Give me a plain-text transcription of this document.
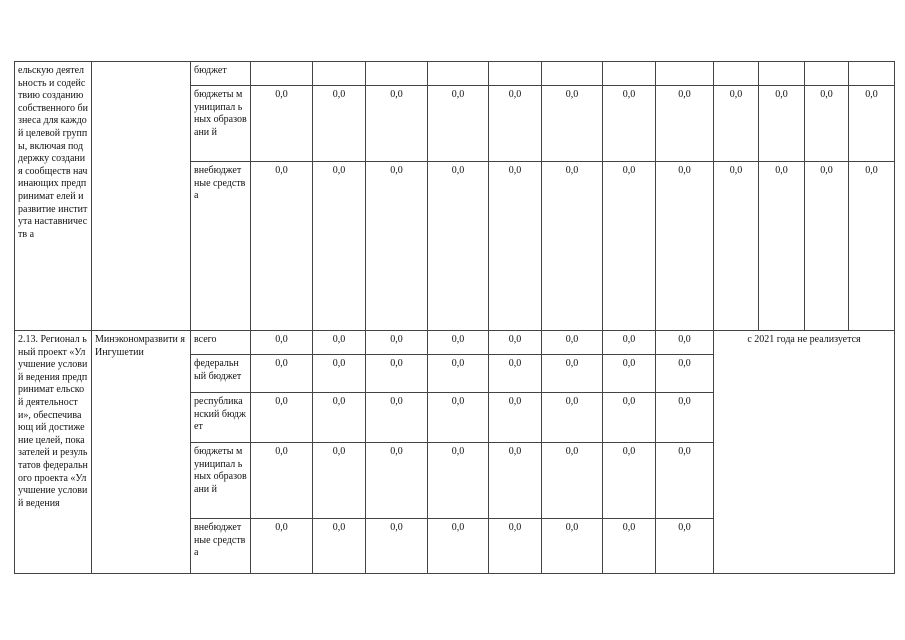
ельскую деятельность и содействию созданию собственного бизнеса для каждой целевой группы, включая поддержку создания сообществ начинающих предпринимат елей и развитие института наставничеств а		бюджет												
		бюджеты муниципал ьных образовани й	0,0	0,0	0,0	0,0	0,0	0,0	0,0	0,0	0,0	0,0	0,0	0,0
		внебюджет ные средства	0,0	0,0	0,0	0,0	0,0	0,0	0,0	0,0	0,0	0,0	0,0	0,0
2.13. Регионал ьный проект «Улучшение условий ведения предпринимат ельской деятельности», обеспечивающ ий достижение целей, показателей и результатов федерального проекта «Улучшение условий ведения	Минэкономразвити я Ингушетии	всего	0,0	0,0	0,0	0,0	0,0	0,0	0,0	0,0	с 2021 года не реализуется			
		федеральн ый бюджет	0,0	0,0	0,0	0,0	0,0	0,0	0,0	0,0				
		республика нский бюджет	0,0	0,0	0,0	0,0	0,0	0,0	0,0	0,0				
		бюджеты муниципал ьных образовани й	0,0	0,0	0,0	0,0	0,0	0,0	0,0	0,0				
		внебюджет ные средства	0,0	0,0	0,0	0,0	0,0	0,0	0,0	0,0				
